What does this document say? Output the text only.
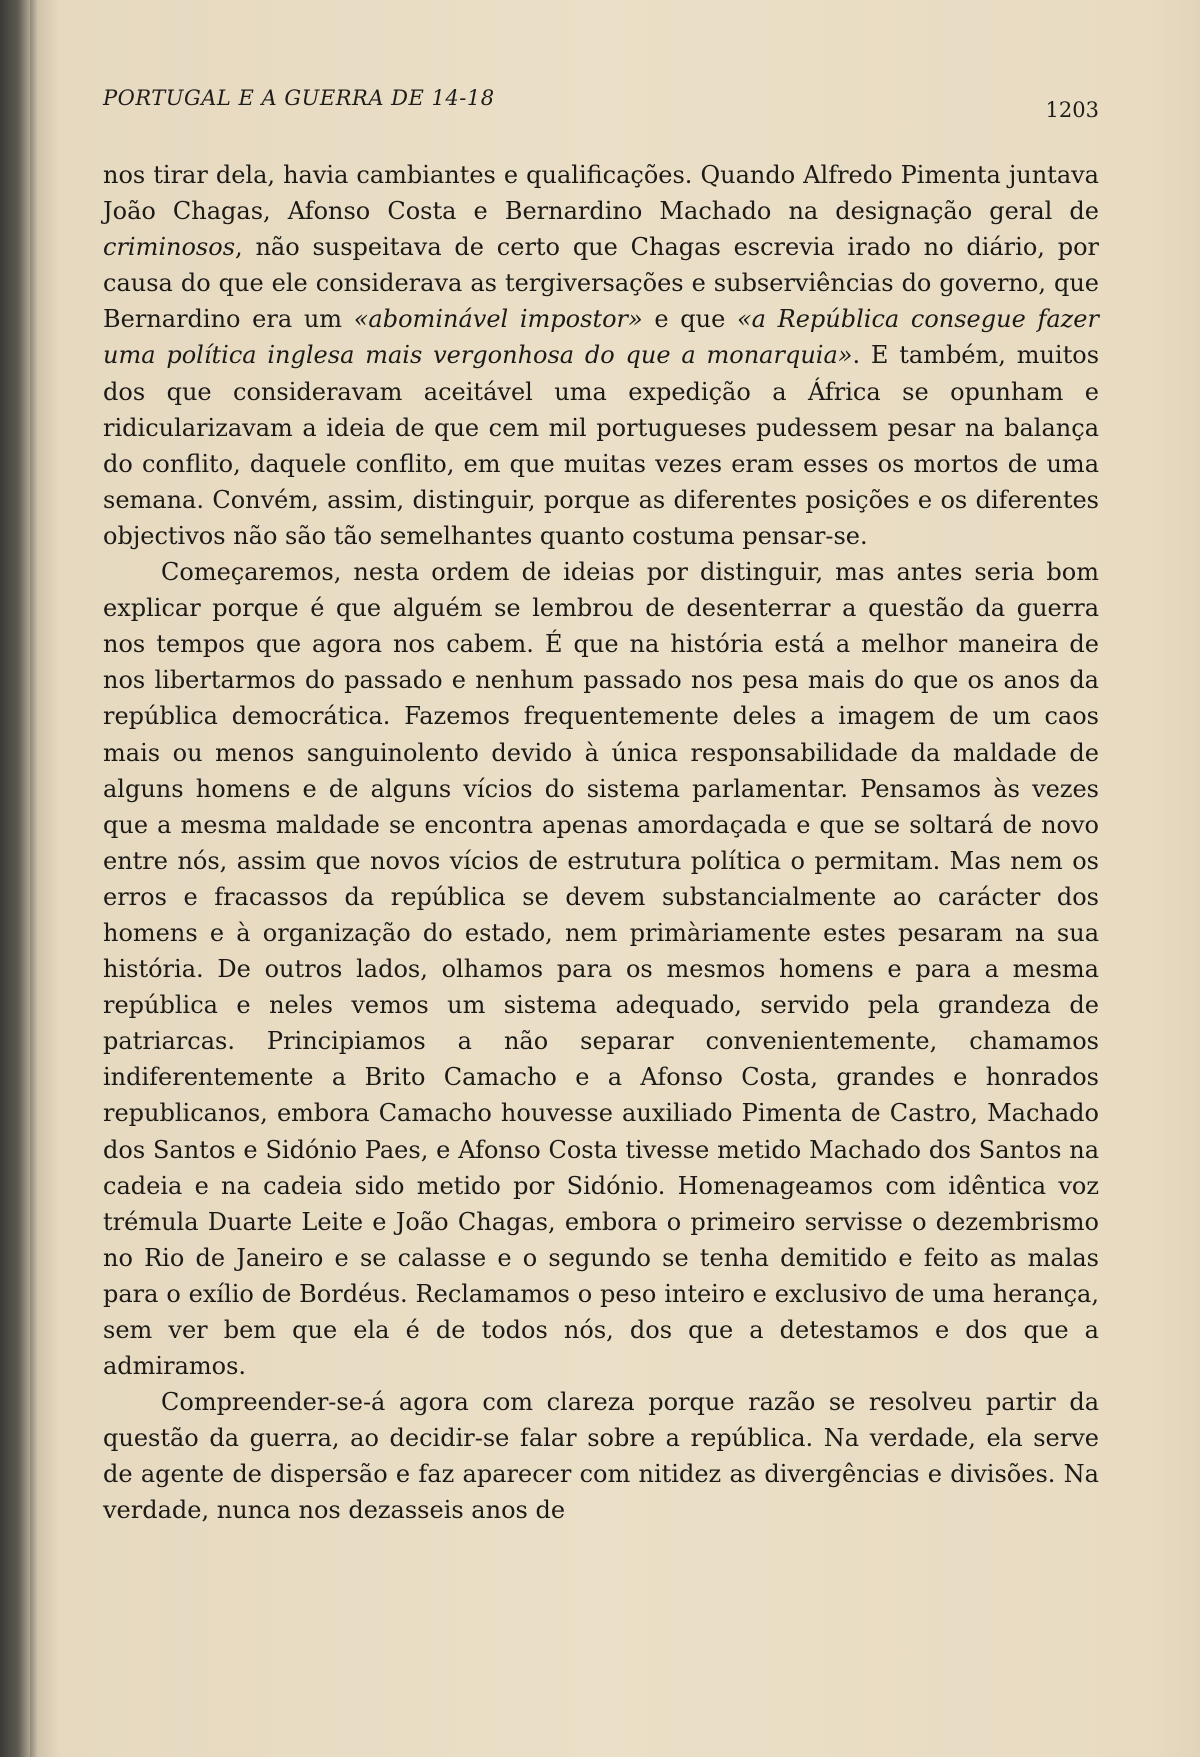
PORTUGAL E A GUERRA DE 14-18	1203

nos tirar dela, havia cambiantes e qualificações. Quando Alfredo Pimenta juntava João Chagas, Afonso Costa e Bernardino Machado na designação geral de criminosos, não suspeitava de certo que Chagas escrevia irado no diário, por causa do que ele considerava as tergiversações e subserviências do governo, que Bernardino era um «abominável impostor» e que «a República consegue fazer uma política inglesa mais vergonhosa do que a monarquia». E também, muitos dos que consideravam aceitável uma expedição a África se opunham e ridicularizavam a ideia de que cem mil portugueses pudessem pesar na balança do conflito, daquele conflito, em que muitas vezes eram esses os mortos de uma semana. Convém, assim, distinguir, porque as diferentes posições e os diferentes objectivos não são tão semelhantes quanto costuma pensar-se.

Começaremos, nesta ordem de ideias por distinguir, mas antes seria bom explicar porque é que alguém se lembrou de desenterrar a questão da guerra nos tempos que agora nos cabem. É que na história está a melhor maneira de nos libertarmos do passado e nenhum passado nos pesa mais do que os anos da república democrática. Fazemos frequentemente deles a imagem de um caos mais ou menos sanguinolento devido à única responsabilidade da maldade de alguns homens e de alguns vícios do sistema parlamentar. Pensamos às vezes que a mesma maldade se encontra apenas amordaçada e que se soltará de novo entre nós, assim que novos vícios de estrutura política o permitam. Mas nem os erros e fracassos da república se devem substancialmente ao carácter dos homens e à organização do estado, nem primàriamente estes pesaram na sua história. De outros lados, olhamos para os mesmos homens e para a mesma república e neles vemos um sistema adequado, servido pela grandeza de patriarcas. Principiamos a não separar convenientemente, chamamos indiferentemente a Brito Camacho e a Afonso Costa, grandes e honrados republicanos, embora Camacho houvesse auxiliado Pimenta de Castro, Machado dos Santos e Sidónio Paes, e Afonso Costa tivesse metido Machado dos Santos na cadeia e na cadeia sido metido por Sidónio. Homenageamos com idêntica voz trémula Duarte Leite e João Chagas, embora o primeiro servisse o dezembrismo no Rio de Janeiro e se calasse e o segundo se tenha demitido e feito as malas para o exílio de Bordéus. Reclamamos o peso inteiro e exclusivo de uma herança, sem ver bem que ela é de todos nós, dos que a detestamos e dos que a admiramos.

Compreender-se-á agora com clareza porque razão se resolveu partir da questão da guerra, ao decidir-se falar sobre a república. Na verdade, ela serve de agente de dispersão e faz aparecer com nitidez as divergências e divisões. Na verdade, nunca nos dezasseis anos de
